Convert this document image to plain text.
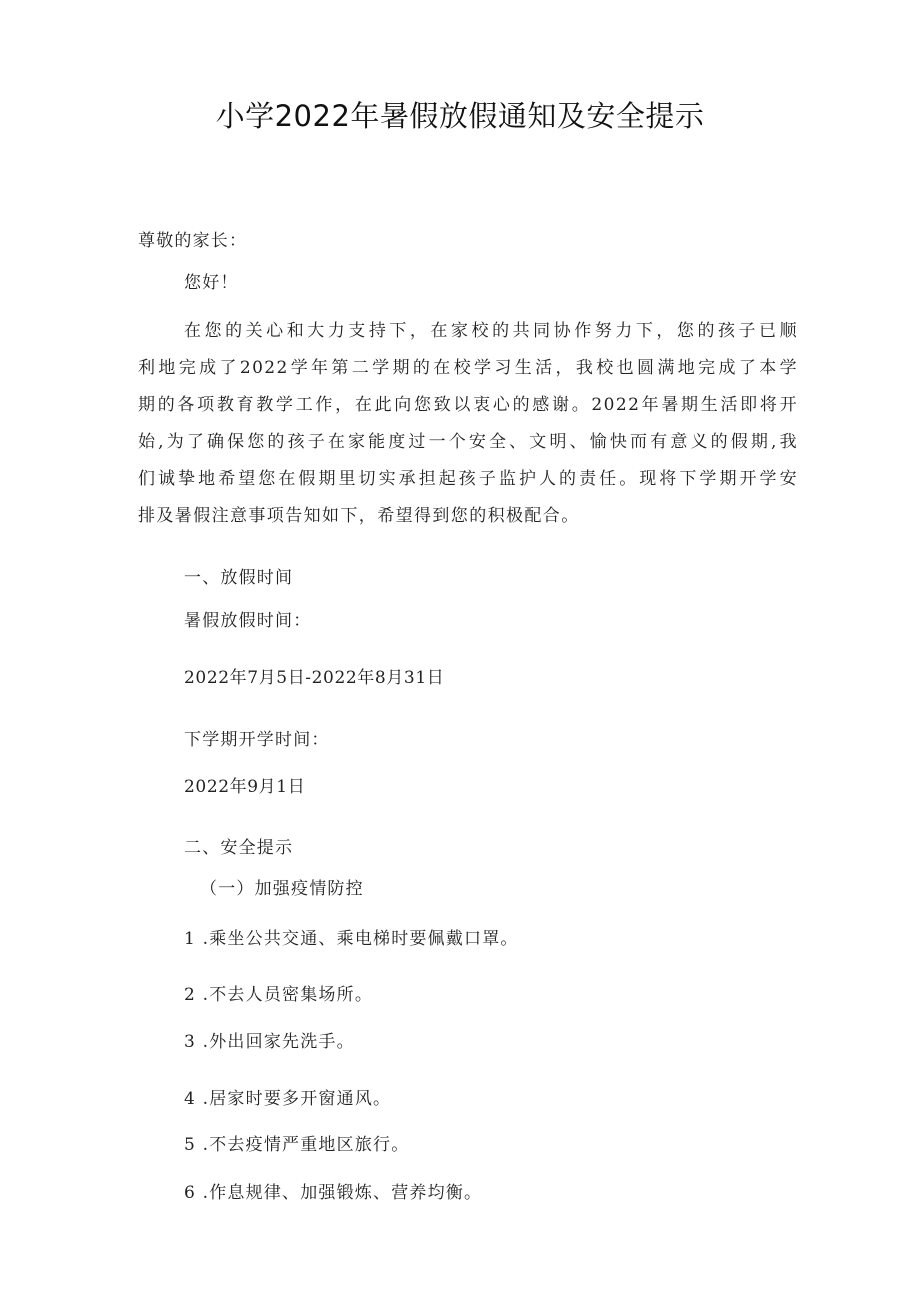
小学2022年暑假放假通知及安全提示
尊敬的家长：
您好！
在您的关心和大力支持下，在家校的共同协作努力下，您的孩子已顺
利地完成了2022学年第二学期的在校学习生活，我校也圆满地完成了本学
期的各项教育教学工作，在此向您致以衷心的感谢。2022年暑期生活即将开
始,为了确保您的孩子在家能度过一个安全、文明、愉快而有意义的假期,我
们诚挚地希望您在假期里切实承担起孩子监护人的责任。现将下学期开学安
排及暑假注意事项告知如下，希望得到您的积极配合。
一、放假时间
暑假放假时间：
2022年7月5日-2022年8月31日
下学期开学时间：
2022年9月1日
二、安全提示
（一）加强疫情防控
1 .乘坐公共交通、乘电梯时要佩戴口罩。
2 .不去人员密集场所。
3 .外出回家先洗手。
4 .居家时要多开窗通风。
5 .不去疫情严重地区旅行。
6 .作息规律、加强锻炼、营养均衡。
